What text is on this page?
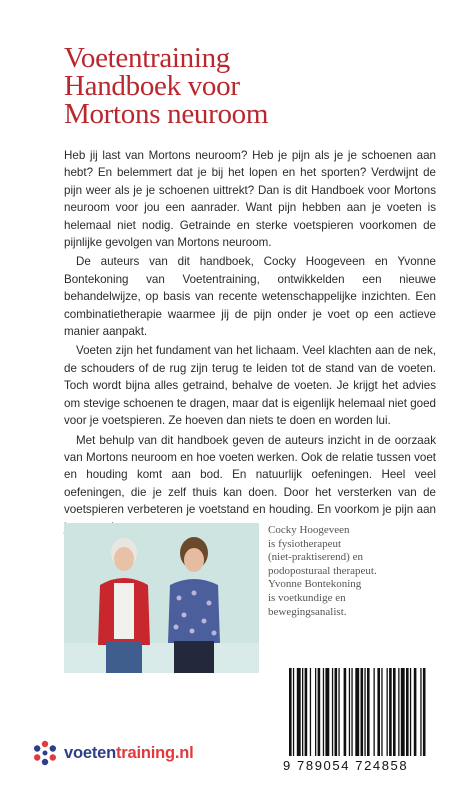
Voetentraining
Handboek voor
Mortons neuroom

Heb jij last van Mortons neuroom? Heb je pijn als je je schoenen aan hebt? En belemmert dat je bij het lopen en het sporten? Verdwijnt de pijn weer als je je schoenen uittrekt? Dan is dit Handboek voor Mortons neuroom voor jou een aanrader. Want pijn hebben aan je voeten is helemaal niet nodig. Getrainde en sterke voetspieren voorkomen de pijnlijke gevolgen van Mortons neuroom.

De auteurs van dit handboek, Cocky Hoogeveen en Yvonne Bontekoning van Voetentraining, ontwikkelden een nieuwe behandelwijze, op basis van recente wetenschappelijke inzichten. Een combinatietherapie waarmee jij de pijn onder je voet op een actieve manier aanpakt.

Voeten zijn het fundament van het lichaam. Veel klachten aan de nek, de schouders of de rug zijn terug te leiden tot de stand van de voeten. Toch wordt bijna alles getraind, behalve de voeten. Je krijgt het advies om stevige schoenen te dragen, maar dat is eigenlijk helemaal niet goed voor je voetspieren. Ze hoeven dan niets te doen en worden lui.

Met behulp van dit handboek geven de auteurs inzicht in de oorzaak van Mortons neuroom en hoe voeten werken. Ook de relatie tussen voet en houding komt aan bod. En natuurlijk oefeningen. Heel veel oefeningen, die je zelf thuis kan doen. Door het versterken van de voetspieren verbeteren je voetstand en houding. En voorkom je pijn aan

Cocky Hoogeveen
is fysiotherapeut
(niet-praktiserend) en
podoposturaal therapeut.
Yvonne Bontekoning
is voetkundige en
bewegingsanalist.
9 789054 724858
voetentraining.nl
